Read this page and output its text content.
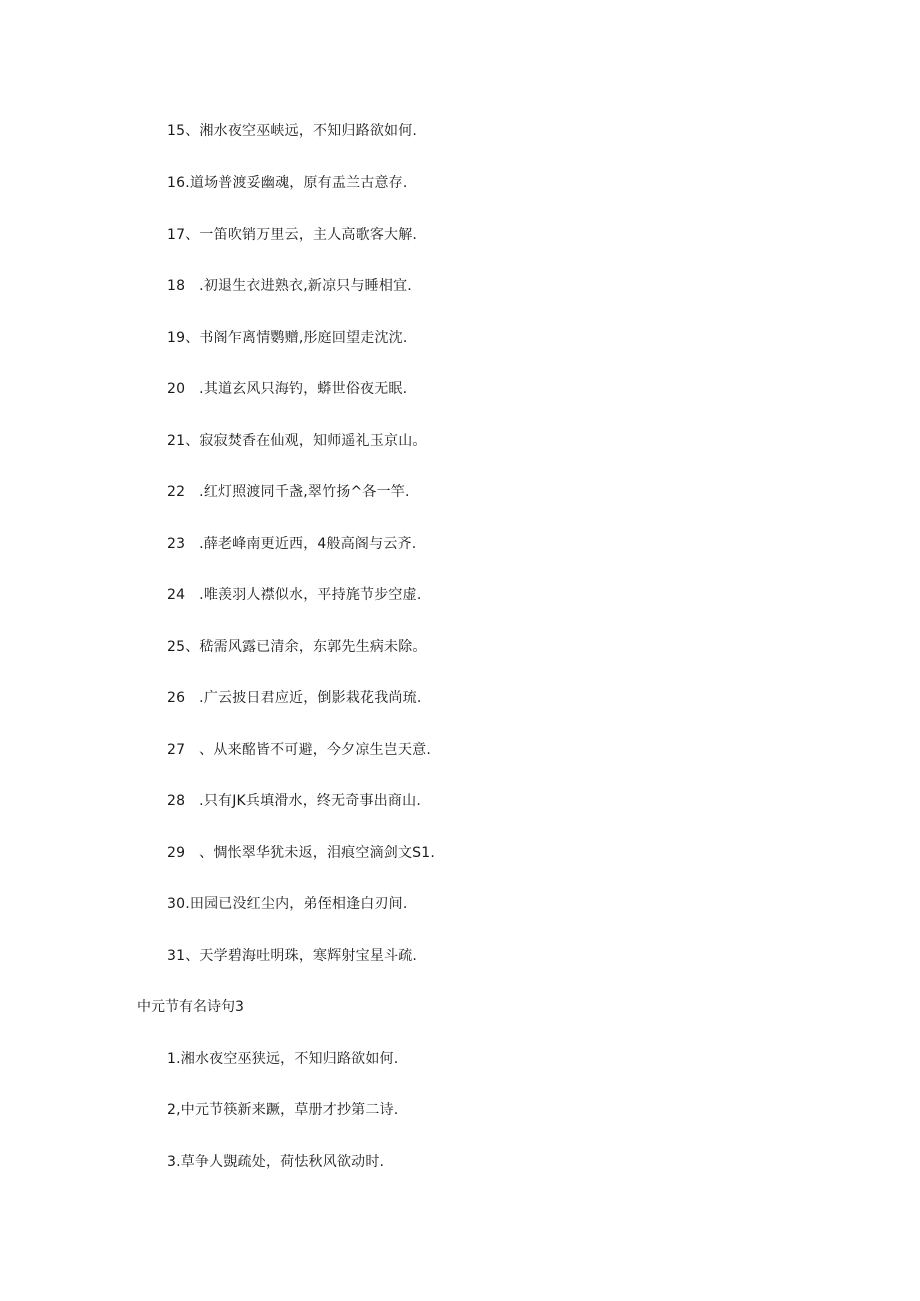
15、湘水夜空巫峡远，不知归路欲如何.
16.道场普渡妥幽魂，原有盂兰古意存.
17、一笛吹销万里云，主人高歌客大解.
18   .初退生衣进熟衣,新凉只与睡相宜.
19、书阁乍离情鹦赠,彤庭回望走沈沈.
20   .其道玄风只海钓，蟒世俗夜无眠.
21、寂寂焚香在仙观，知师遥礼玉京山。
22   .红灯照渡同千盏,翠竹扬^各一竿.
23   .薛老峰南更近西，4般高阁与云齐.
24   .唯羡羽人襟似水，平持旄节步空虚.
25、嵇需风露已清余，东郭先生病未除。
26   .广云披日君应近，倒影栽花我尚琉.
27   、从来酩皆不可避，今夕凉生岂天意.
28   .只有JK兵填滑水，终无奇事出商山.
29   、惆怅翠华犹未返，泪痕空滴剑文S1.
30.田园已没红尘内，弟侄相逢白刃间.
31、天学碧海吐明珠，寒辉射宝星斗疏.
中元节有名诗句3
1.湘水夜空巫狭远，不知归路欲如何.
2,中元节筷新来蹶，草册才抄第二诗.
3.草争人覬疏处，荷怯秋风欲动时.
